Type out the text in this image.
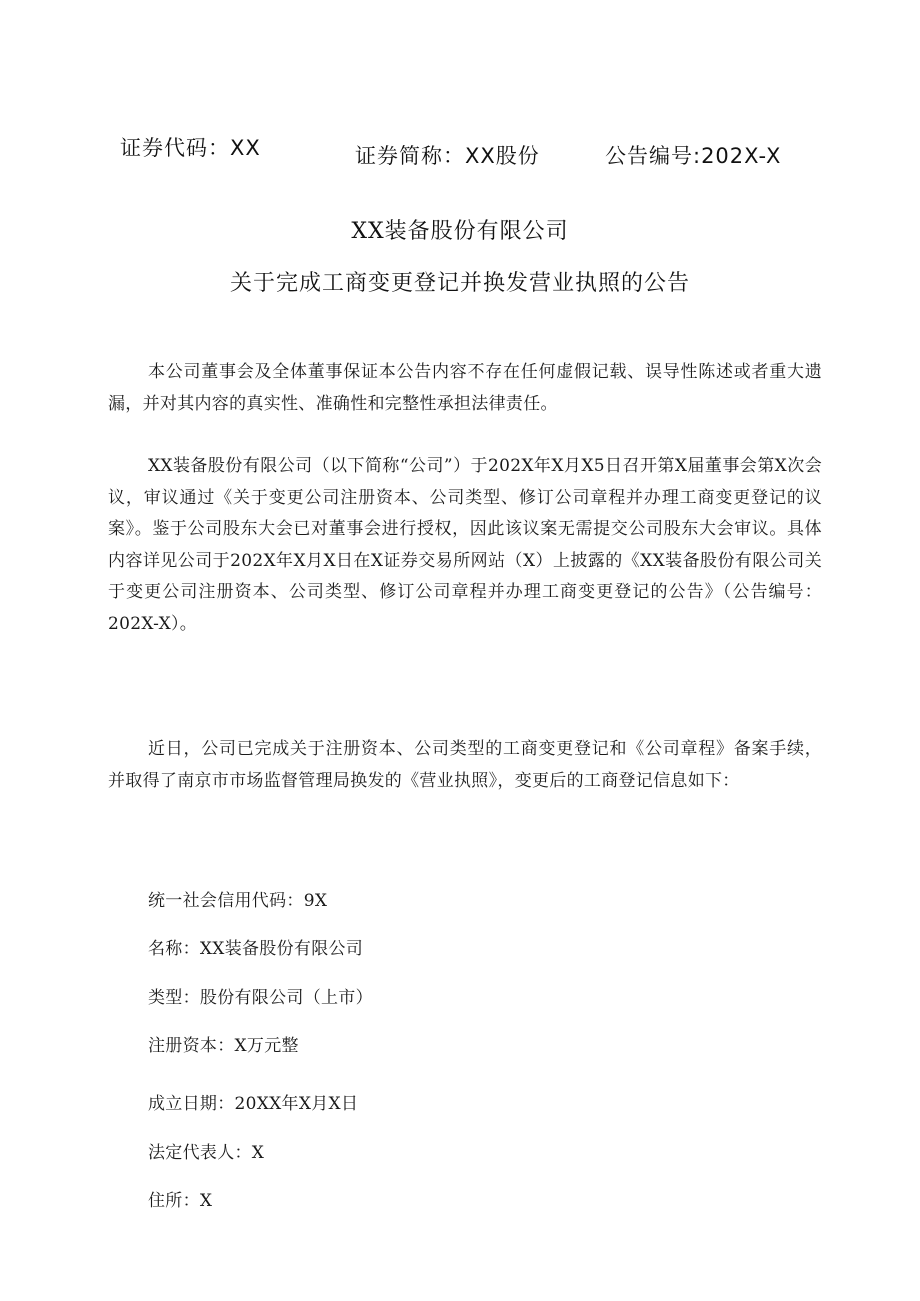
证券代码：XX	证券简称：XX股份	公告编号:202X-X
XX装备股份有限公司
关于完成工商变更登记并换发营业执照的公告

本公司董事会及全体董事保证本公告内容不存在任何虚假记载、误导性陈述或者重大遗漏，并对其内容的真实性、准确性和完整性承担法律责任。

XX装备股份有限公司（以下简称“公司”）于202X年X月X5日召开第X届董事会第X次会议，审议通过《关于变更公司注册资本、公司类型、修订公司章程并办理工商变更登记的议案》。鉴于公司股东大会已对董事会进行授权，因此该议案无需提交公司股东大会审议。具体内容详见公司于202X年X月X日在X证券交易所网站（X）上披露的《XX装备股份有限公司关于变更公司注册资本、公司类型、修订公司章程并办理工商变更登记的公告》（公告编号：202X-X）。

近日，公司已完成关于注册资本、公司类型的工商变更登记和《公司章程》备案手续，并取得了南京市市场监督管理局换发的《营业执照》，变更后的工商登记信息如下：

统一社会信用代码：9X
名称：XX装备股份有限公司
类型：股份有限公司（上市）
注册资本：X万元整
成立日期：20XX年X月X日
法定代表人：X
住所：X
